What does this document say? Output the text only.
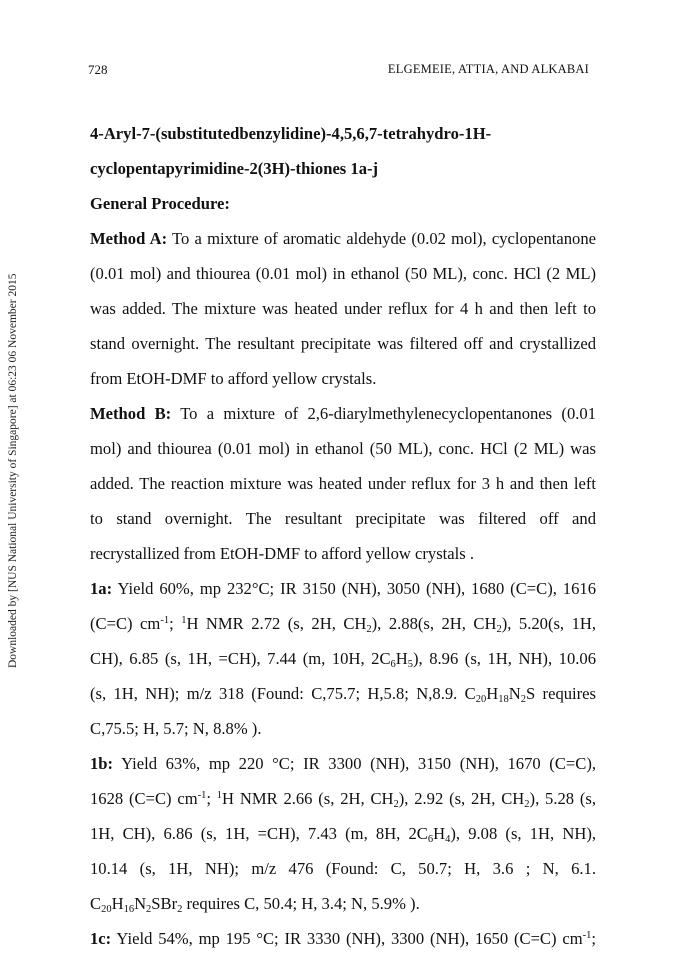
728	ELGEMEIE, ATTIA, AND ALKABAI
Downloaded by [NUS National University of Singapore] at 06:23 06 November 2015
4-Aryl-7-(substitutedbenzylidine)-4,5,6,7-tetrahydro-1H-
cyclopentapyrimidine-2(3H)-thiones 1a-j
General Procedure:
Method A: To a mixture of aromatic aldehyde (0.02 mol), cyclopentanone
(0.01 mol) and thiourea (0.01 mol) in ethanol (50 ML), conc. HCl (2 ML)
was added. The mixture was heated under reflux for 4 h and then left to
stand overnight. The resultant precipitate was filtered off and crystallized
from EtOH-DMF to afford yellow crystals.
Method B: To a mixture of 2,6-diarylmethylenecyclopentanones (0.01
mol) and thiourea (0.01 mol) in ethanol (50 ML), conc. HCl (2 ML) was
added. The reaction mixture was heated under reflux for 3 h and then left
to stand overnight. The resultant precipitate was filtered off and
recrystallized from EtOH-DMF to afford yellow crystals .
1a: Yield 60%, mp 232°C; IR 3150 (NH), 3050 (NH), 1680 (C=C), 1616
(C=C) $cm^{-1}$; $^1$H NMR 2.72 (s, 2H, $CH_2$), 2.88(s, 2H, $CH_2$), 5.20(s, 1H,
CH), 6.85 (s, 1H, =CH), 7.44 (m, 10H, $2C_6H_5$), 8.96 (s, 1H, NH), 10.06
(s, 1H, NH); m/z 318 (Found: C,75.7; H,5.8; N,8.9. $C_{20}H_{18}N_2S$ requires
C,75.5; H, 5.7; N, 8.8% ).
1b: Yield 63%, mp 220 °C; IR 3300 (NH), 3150 (NH), 1670 (C=C),
1628 (C=C) $cm^{-1}$; $^1$H NMR 2.66 (s, 2H, $CH_2$), 2.92 (s, 2H, $CH_2$), 5.28 (s,
1H, CH), 6.86 (s, 1H, =CH), 7.43 (m, 8H, $2C_6H_4$), 9.08 (s, 1H, NH),
10.14 (s, 1H, NH); m/z 476 (Found: C, 50.7; H, 3.6 ; N, 6.1.
$C_{20}H_{16}N_2SBr_2$ requires C, 50.4; H, 3.4; N, 5.9% ).
1c: Yield 54%, mp 195 °C; IR 3330 (NH), 3300 (NH), 1650 (C=C) $cm^{-1}$;
